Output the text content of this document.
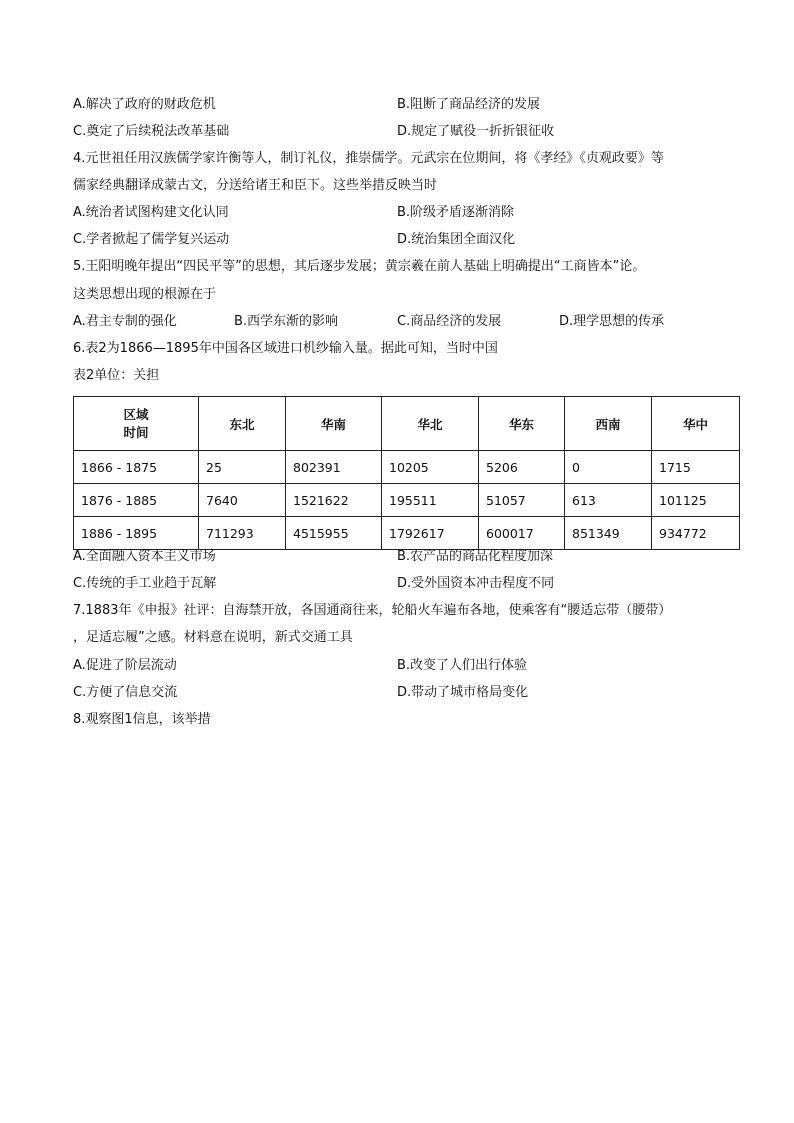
A.解决了政府的财政危机	B.阻断了商品经济的发展
C.奠定了后续税法改革基础	D.规定了赋役一折折银征收
4.元世祖任用汉族儒学家许衡等人，制订礼仪，推崇儒学。元武宗在位期间，将《孝经》《贞观政要》等
儒家经典翻译成蒙古文，分送给诸王和臣下。这些举措反映当时
A.统治者试图构建文化认同	B.阶级矛盾逐渐消除
C.学者掀起了儒学复兴运动	D.统治集团全面汉化
5.王阳明晚年提出“四民平等”的思想，其后逐步发展；黄宗羲在前人基础上明确提出“工商皆本”论。
这类思想出现的根源在于
A.君主专制的强化	B.西学东渐的影响	C.商品经济的发展	D.理学思想的传承
6.表2为1866—1895年中国各区域进口机纱输入量。据此可知，当时中国
表2单位：关担
区域
时间	东北	华南	华北	华东	西南	华中
1866 - 1875	25	802391	10205	5206	0	1715
1876 - 1885	7640	1521622	195511	51057	613	101125
1886 - 1895	711293	4515955	1792617	600017	851349	934772
A.全面融入资本主义市场	B.农产品的商品化程度加深
C.传统的手工业趋于瓦解	D.受外国资本冲击程度不同
7.1883年《申报》社评：自海禁开放，各国通商往来，轮船火车遍布各地，使乘客有“腰适忘带（腰带）
，足适忘履”之感。材料意在说明，新式交通工具
A.促进了阶层流动	B.改变了人们出行体验
C.方便了信息交流	D.带动了城市格局变化
8.观察图1信息，该举措
